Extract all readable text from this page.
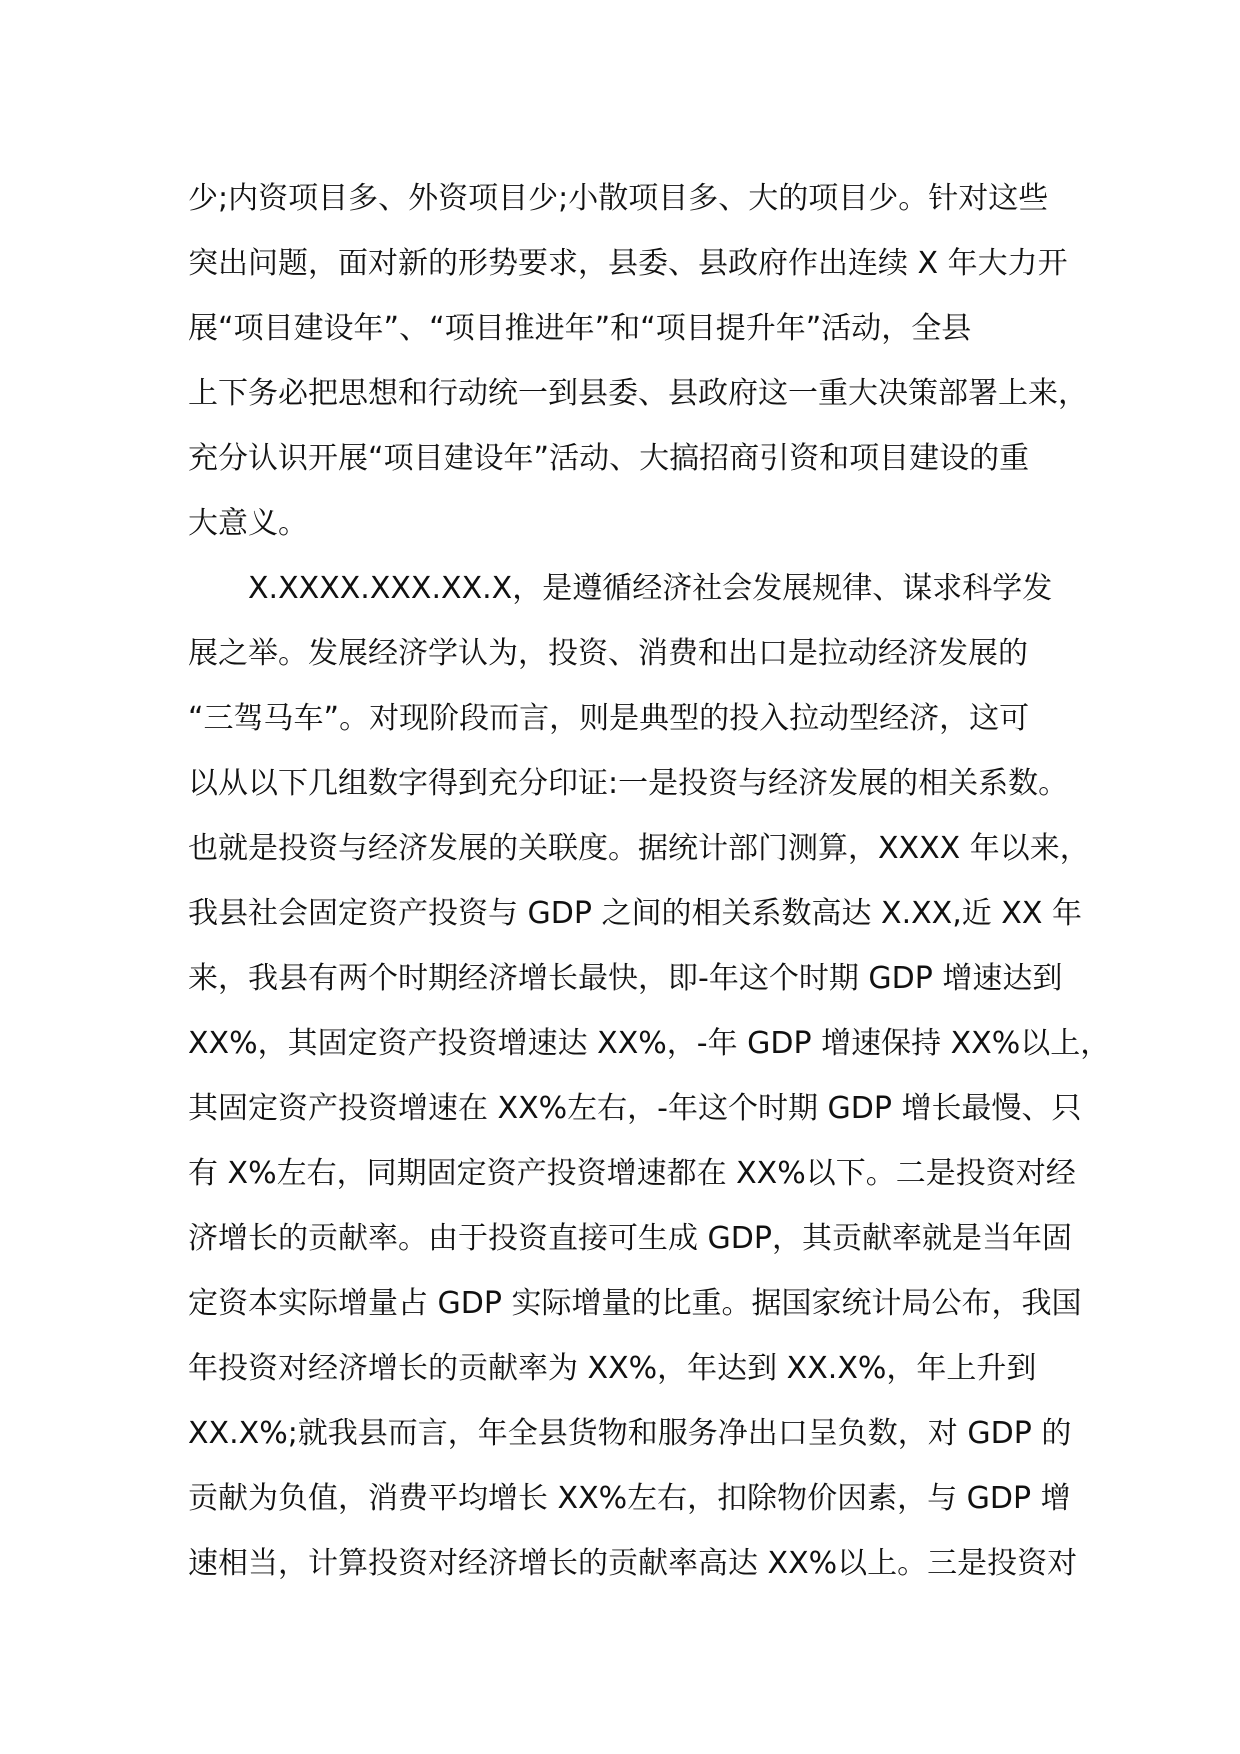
少;内资项目多、外资项目少;小散项目多、大的项目少。针对这些
突出问题，面对新的形势要求，县委、县政府作出连续 X 年大力开
展“项目建设年”、“项目推进年”和“项目提升年”活动，全县
上下务必把思想和行动统一到县委、县政府这一重大决策部署上来，
充分认识开展“项目建设年”活动、大搞招商引资和项目建设的重
大意义。
X.XXXX.XXX.XX.X，是遵循经济社会发展规律、谋求科学发
展之举。发展经济学认为，投资、消费和出口是拉动经济发展的
“三驾马车”。对现阶段而言，则是典型的投入拉动型经济，这可
以从以下几组数字得到充分印证:一是投资与经济发展的相关系数。
也就是投资与经济发展的关联度。据统计部门测算，XXXX 年以来，
我县社会固定资产投资与 GDP 之间的相关系数高达 X.XX,近 XX 年
来，我县有两个时期经济增长最快，即-年这个时期 GDP 增速达到
XX%，其固定资产投资增速达 XX%，-年 GDP 增速保持 XX%以上，
其固定资产投资增速在 XX%左右，-年这个时期 GDP 增长最慢、只
有 X%左右，同期固定资产投资增速都在 XX%以下。二是投资对经
济增长的贡献率。由于投资直接可生成 GDP，其贡献率就是当年固
定资本实际增量占 GDP 实际增量的比重。据国家统计局公布，我国
年投资对经济增长的贡献率为 XX%，年达到 XX.X%，年上升到
XX.X%;就我县而言，年全县货物和服务净出口呈负数，对 GDP 的
贡献为负值，消费平均增长 XX%左右，扣除物价因素，与 GDP 增
速相当，计算投资对经济增长的贡献率高达 XX%以上。三是投资对
